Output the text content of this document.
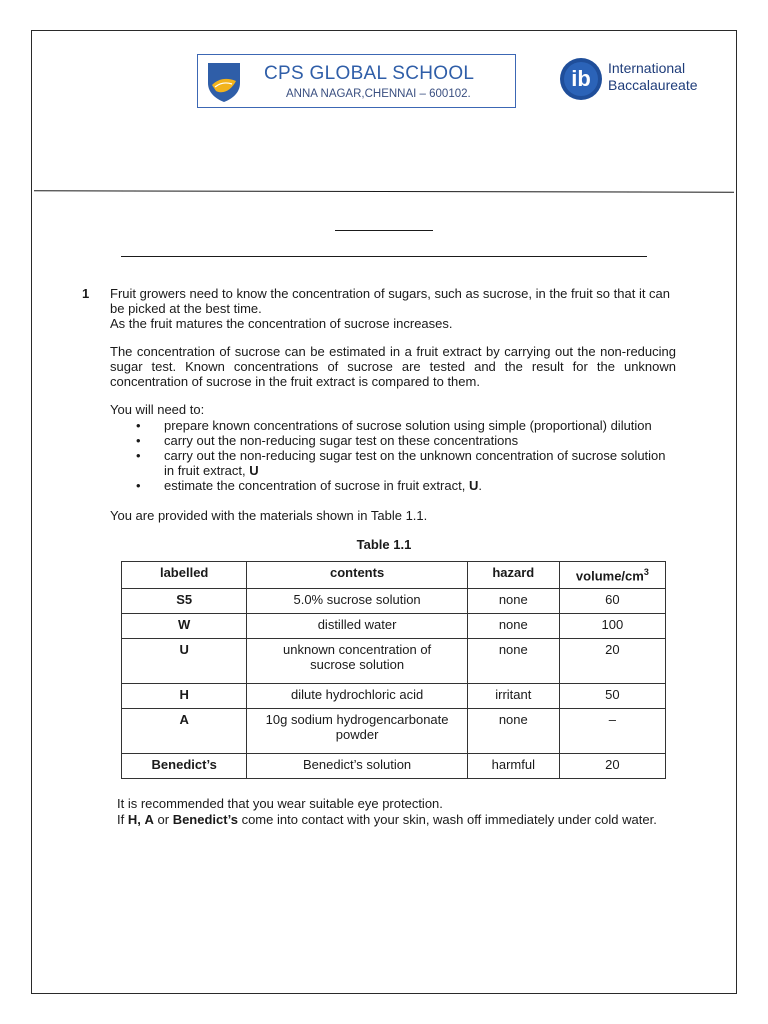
CPS GLOBAL SCHOOL
ANNA NAGAR,CHENNAI – 600102.
ib International
Baccalaureate
1 Fruit growers need to know the concentration of sugars, such as sucrose, in the fruit so that it can be picked at the best time.
As the fruit matures the concentration of sucrose increases.
The concentration of sucrose can be estimated in a fruit extract by carrying out the non-reducing sugar test. Known concentrations of sucrose are tested and the result for the unknown concentration of sucrose in the fruit extract is compared to them.
You will need to:
• prepare known concentrations of sucrose solution using simple (proportional) dilution
• carry out the non-reducing sugar test on these concentrations
• carry out the non-reducing sugar test on the unknown concentration of sucrose solution in fruit extract, U
• estimate the concentration of sucrose in fruit extract, U.
You are provided with the materials shown in Table 1.1.
Table 1.1
labelled	contents	hazard	volume/$cm^3$
S5	5.0% sucrose solution	none	60
W	distilled water	none	100
U	unknown concentration of sucrose solution	none	20
H	dilute hydrochloric acid	irritant	50
A	10g sodium hydrogencarbonate powder	none	–
Benedict’s	Benedict’s solution	harmful	20
It is recommended that you wear suitable eye protection.
If H, A or Benedict’s come into contact with your skin, wash off immediately under cold water.
